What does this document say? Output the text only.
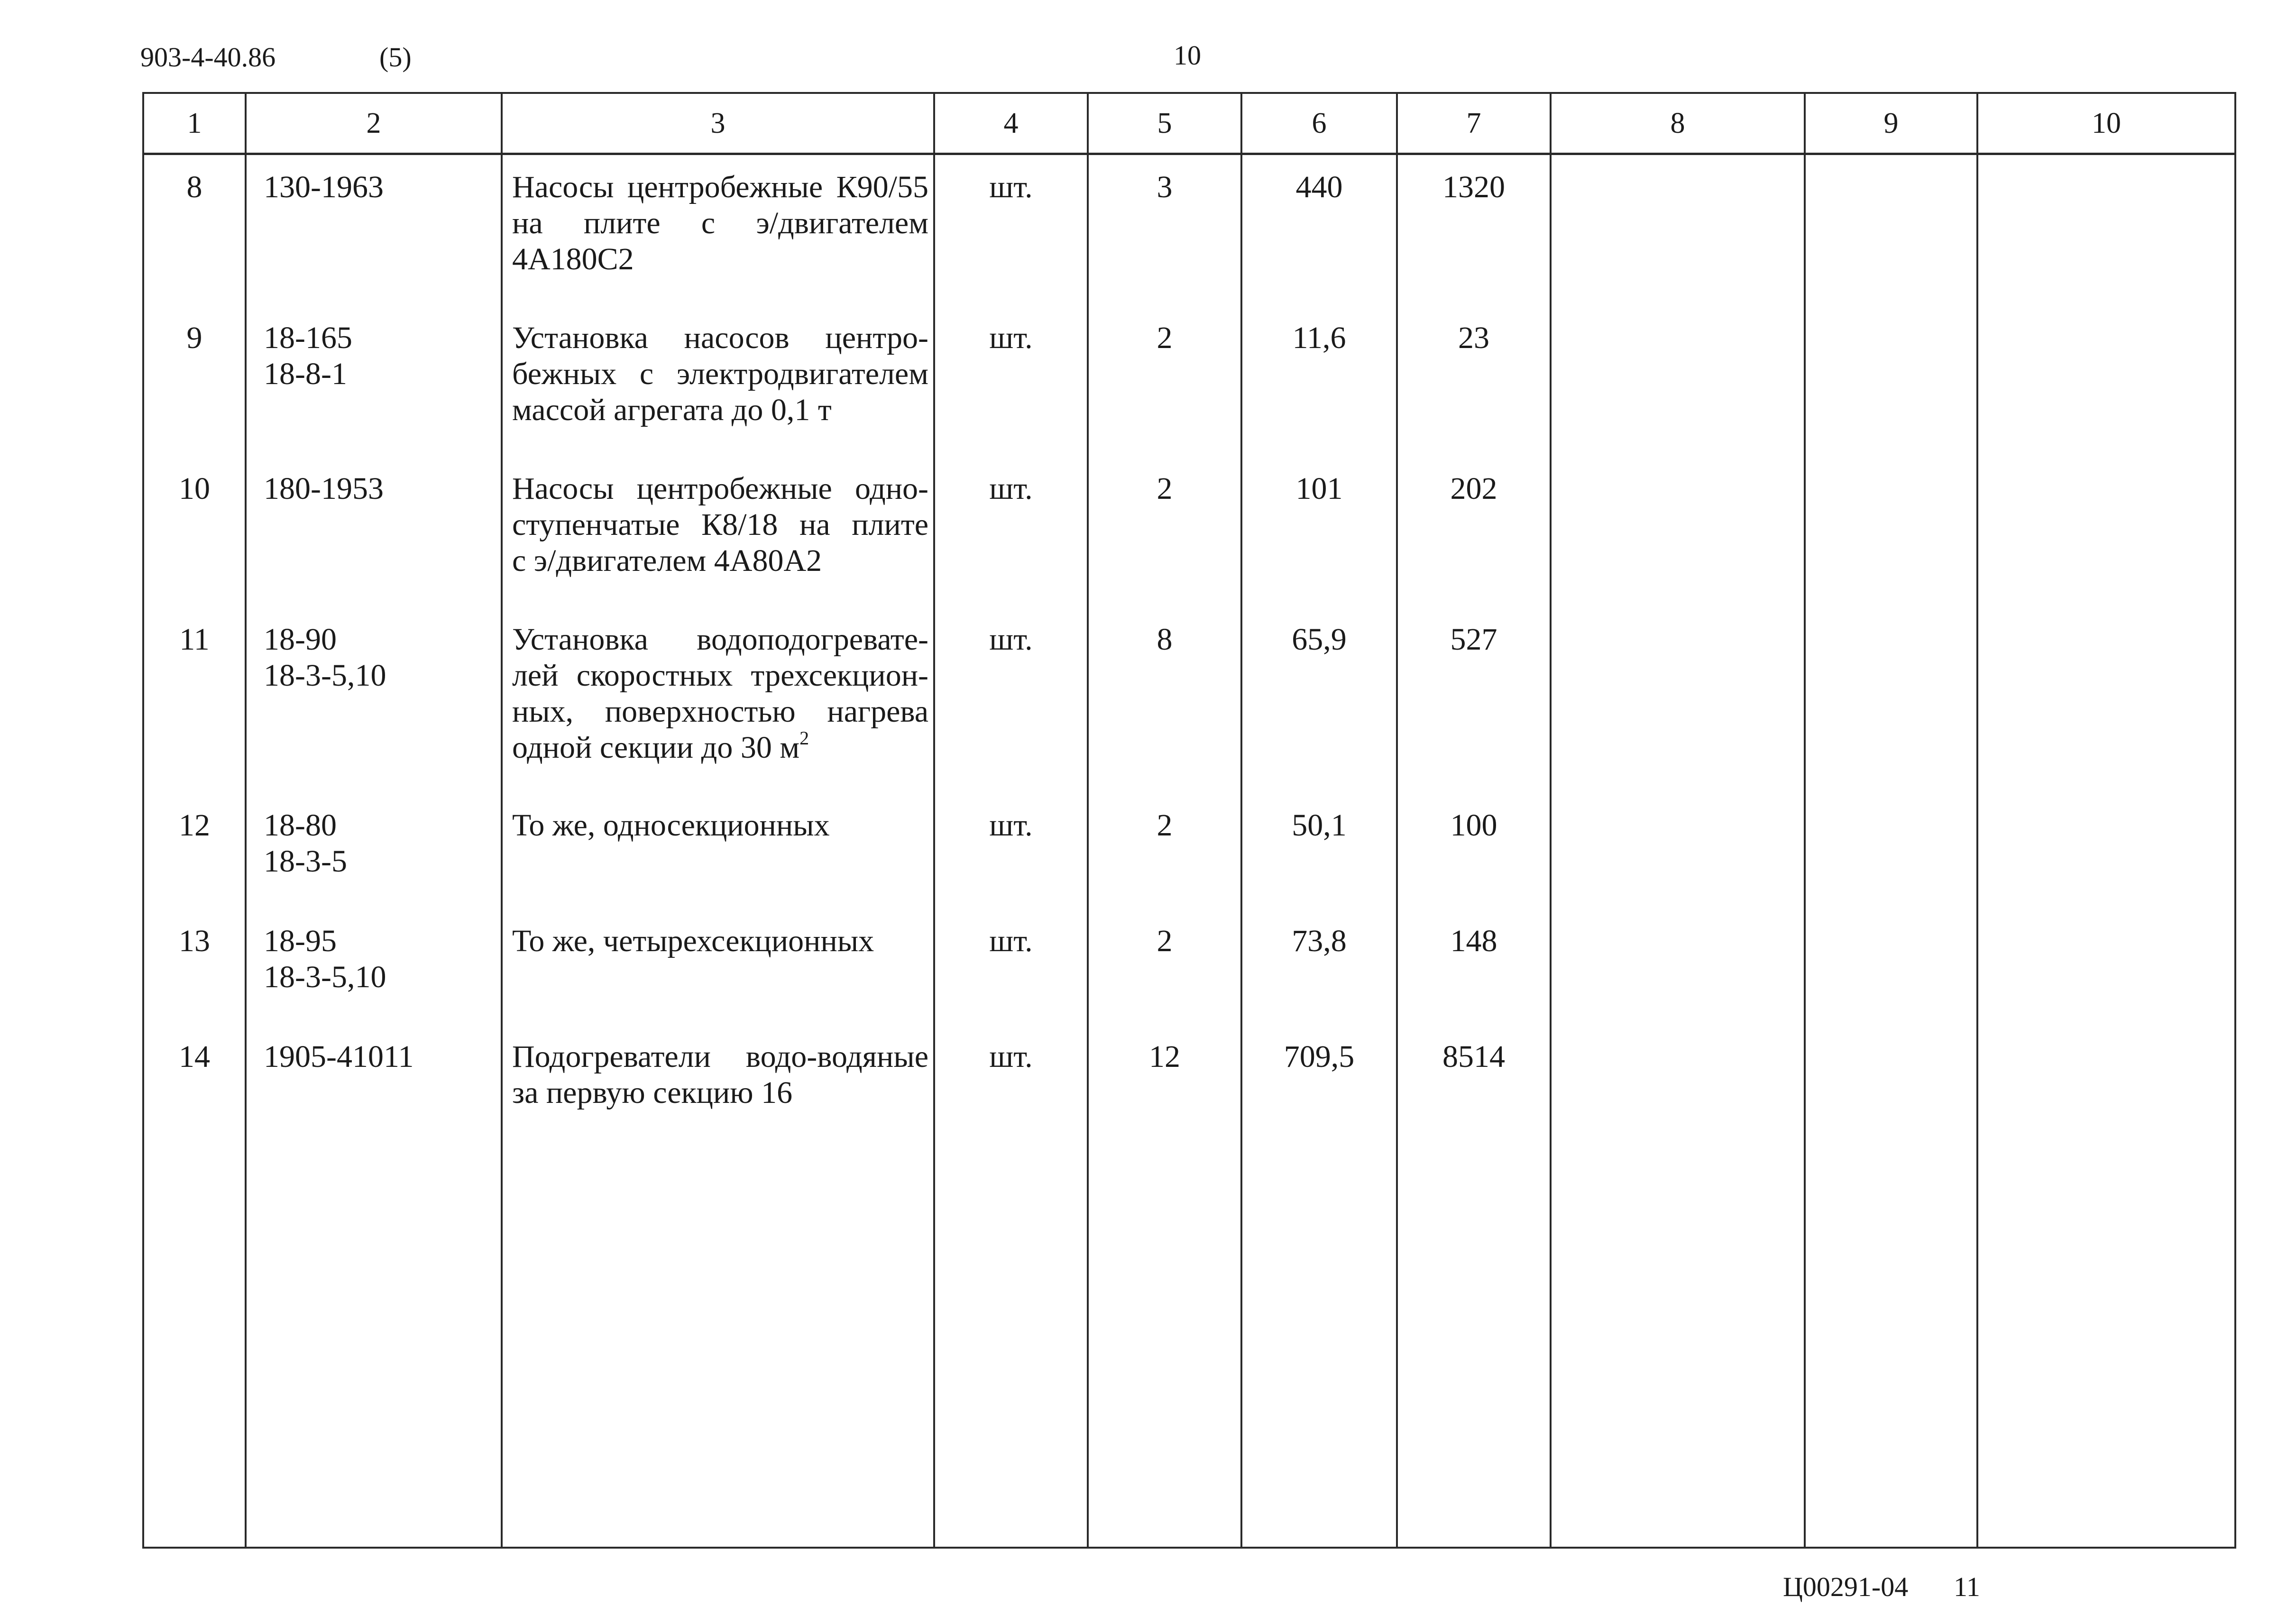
903-4-40.86	(5)	10
1	2	3	4	5	6	7	8	9	10
8	130-1963	Насосы центробежные К90/55
на плите с э/двигателем
4А180С2	шт.	3	440	1320			
9	18-165
18-8-1	Установка насосов центро-
бежных с электродвигателем
массой агрегата до 0,1 т	шт.	2	11,6	23			
10	180-1953	Насосы центробежные одно-
ступенчатые К8/18 на плите
с э/двигателем 4А80А2	шт.	2	101	202			
11	18-90
18-3-5,10	Установка водоподогревате-
лей скоростных трехсекцион-
ных, поверхностью нагрева
одной секции до 30 $м^2$	шт.	8	65,9	527			
12	18-80
18-3-5	То же, односекционных	шт.	2	50,1	100			
13	18-95
18-3-5,10	То же, четырехсекционных	шт.	2	73,8	148			
14	1905-41011	Подогреватели водо-водяные
за первую секцию 16	шт.	12	709,5	8514			

Ц00291-04 11
